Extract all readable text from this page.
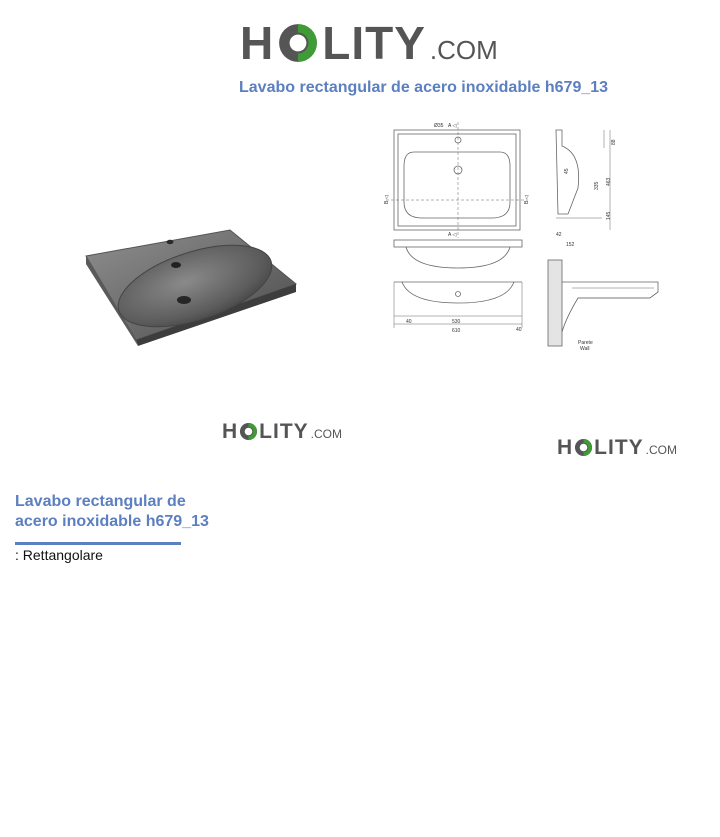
H LITY .COM
Lavabo rectangular de acero inoxidable h679_13
Ø35 A ◁
A ◁
B ◁	B ◁
88
335 463
145
45
42
152
40	530
40
610
Parete
Wall
H LITY .COM
H LITY .COM
Lavabo rectangular de
acero inoxidable h679_13
: Rettangolare
